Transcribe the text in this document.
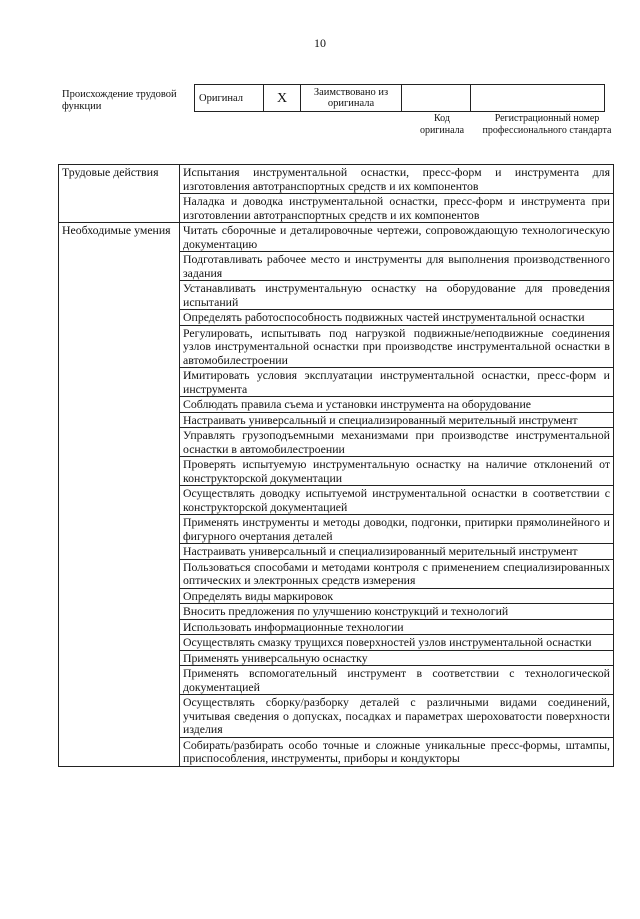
10
Происхождение трудовой функции
Оригинал	X	Заимствовано из оригинала		
Код оригинала
Регистрационный номер профессионального стандарта
Трудовые действия	Испытания инструментальной оснастки, пресс-форм и инструмента для изготовления автотранспортных средств и их компонентов
	Наладка и доводка инструментальной оснастки, пресс-форм и инструмента при изготовлении автотранспортных средств и их компонентов
Необходимые умения	Читать сборочные и деталировочные чертежи, сопровождающую технологическую документацию
	Подготавливать рабочее место и инструменты для выполнения производственного задания
	Устанавливать инструментальную оснастку на оборудование для проведения испытаний
	Определять работоспособность подвижных частей инструментальной оснастки
	Регулировать, испытывать под нагрузкой подвижные/неподвижные соединения узлов инструментальной оснастки при производстве инструментальной оснастки в автомобилестроении
	Имитировать условия эксплуатации инструментальной оснастки, пресс-форм и инструмента
	Соблюдать правила съема и установки инструмента на оборудование
	Настраивать универсальный и специализированный мерительный инструмент
	Управлять грузоподъемными механизмами при производстве инструментальной оснастки в автомобилестроении
	Проверять испытуемую инструментальную оснастку на наличие отклонений от конструкторской документации
	Осуществлять доводку испытуемой инструментальной оснастки в соответствии с конструкторской документацией
	Применять инструменты и методы доводки, подгонки, притирки прямолинейного и фигурного очертания деталей
	Настраивать универсальный и специализированный мерительный инструмент
	Пользоваться способами и методами контроля с применением специализированных оптических и электронных средств измерения
	Определять виды маркировок
	Вносить предложения по улучшению конструкций и технологий
	Использовать информационные технологии
	Осуществлять смазку трущихся поверхностей узлов инструментальной оснастки
	Применять универсальную оснастку
	Применять вспомогательный инструмент в соответствии с технологической документацией
	Осуществлять сборку/разборку деталей с различными видами соединений, учитывая сведения о допусках, посадках и параметрах шероховатости поверхности изделия
	Собирать/разбирать особо точные и сложные уникальные пресс-формы, штампы, приспособления, инструменты, приборы и кондукторы
